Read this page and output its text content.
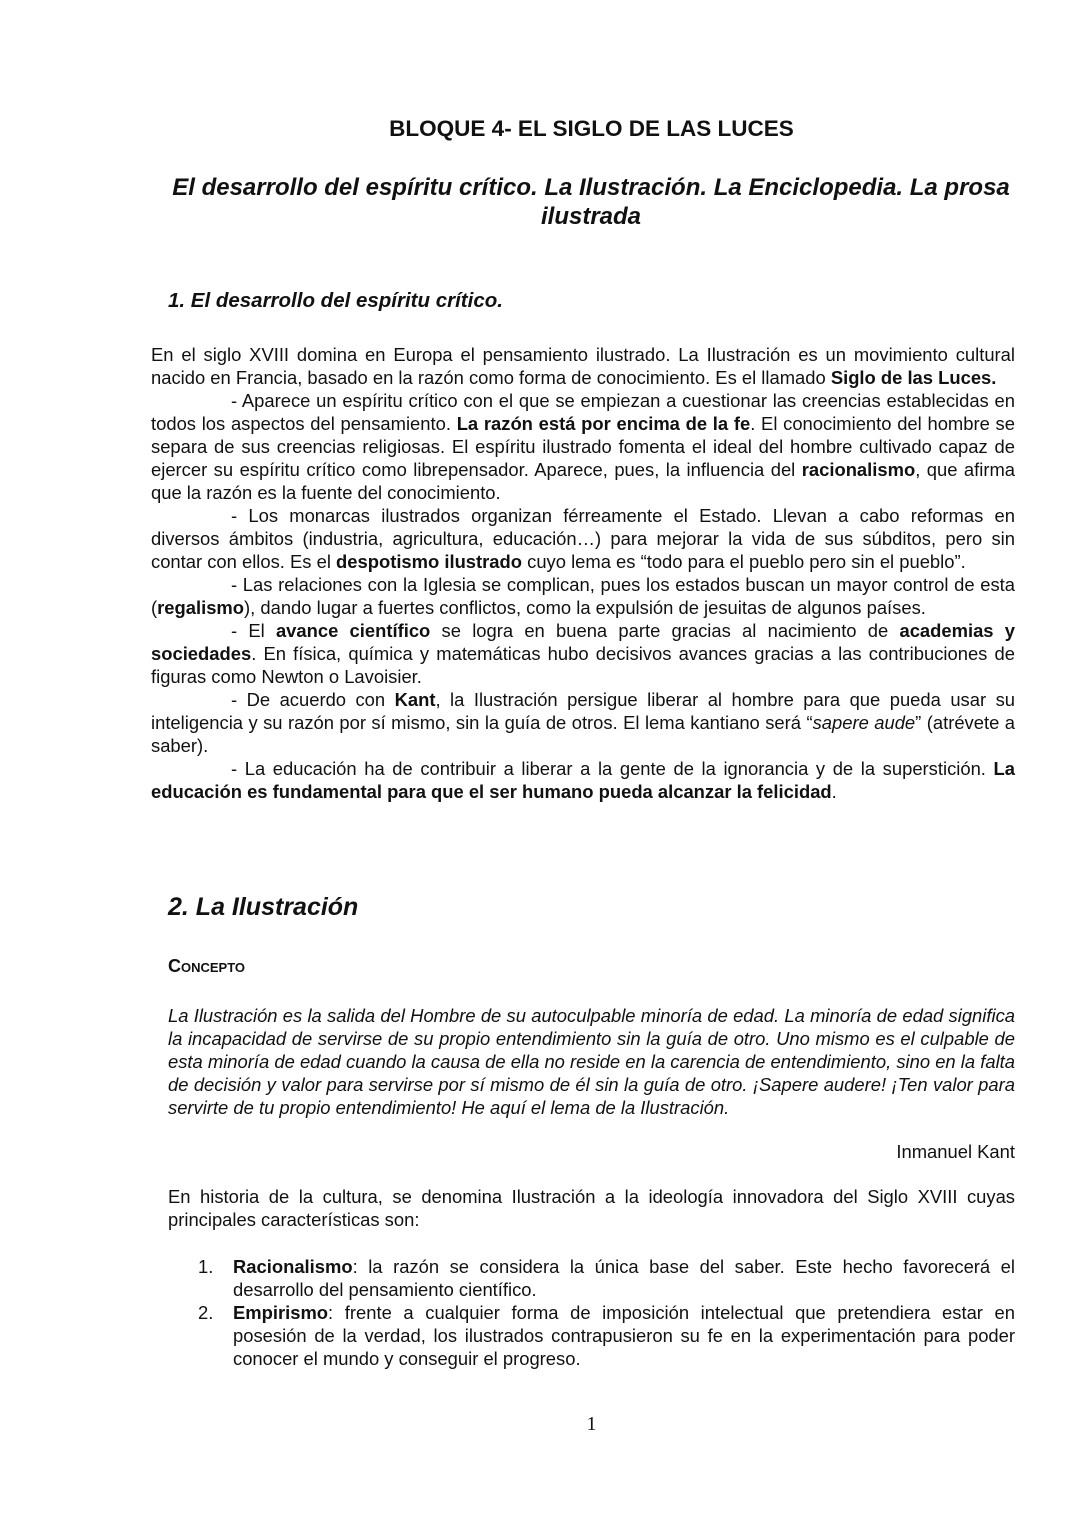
BLOQUE 4- EL SIGLO DE LAS LUCES
El desarrollo del espíritu crítico. La Ilustración. La Enciclopedia. La prosa ilustrada
1. El desarrollo del espíritu crítico.

En el siglo XVIII domina en Europa el pensamiento ilustrado. La Ilustración es un movimiento cultural nacido en Francia, basado en la razón como forma de conocimiento. Es el llamado Siglo de las Luces.

- Aparece un espíritu crítico con el que se empiezan a cuestionar las creencias establecidas en todos los aspectos del pensamiento. La razón está por encima de la fe. El conocimiento del hombre se separa de sus creencias religiosas. El espíritu ilustrado fomenta el ideal del hombre cultivado capaz de ejercer su espíritu crítico como librepensador. Aparece, pues, la influencia del racionalismo, que afirma que la razón es la fuente del conocimiento.

- Los monarcas ilustrados organizan férreamente el Estado. Llevan a cabo reformas en diversos ámbitos (industria, agricultura, educación…) para mejorar la vida de sus súbditos, pero sin contar con ellos. Es el despotismo ilustrado cuyo lema es “todo para el pueblo pero sin el pueblo”.

- Las relaciones con la Iglesia se complican, pues los estados buscan un mayor control de esta (regalismo), dando lugar a fuertes conflictos, como la expulsión de jesuitas de algunos países.

- El avance científico se logra en buena parte gracias al nacimiento de academias y sociedades. En física, química y matemáticas hubo decisivos avances gracias a las contribuciones de figuras como Newton o Lavoisier.

- De acuerdo con Kant, la Ilustración persigue liberar al hombre para que pueda usar su inteligencia y su razón por sí mismo, sin la guía de otros. El lema kantiano será “sapere aude” (atrévete a saber).

- La educación ha de contribuir a liberar a la gente de la ignorancia y de la superstición. La educación es fundamental para que el ser humano pueda alcanzar la felicidad.

2. La Ilustración
Concepto
La Ilustración es la salida del Hombre de su autoculpable minoría de edad. La minoría de edad significa la incapacidad de servirse de su propio entendimiento sin la guía de otro. Uno mismo es el culpable de esta minoría de edad cuando la causa de ella no reside en la carencia de entendimiento, sino en la falta de decisión y valor para servirse por sí mismo de él sin la guía de otro. ¡Sapere audere! ¡Ten valor para servirte de tu propio entendimiento! He aquí el lema de la Ilustración.
Inmanuel Kant
En historia de la cultura, se denomina Ilustración a la ideología innovadora del Siglo XVIII cuyas principales características son:
1.	Racionalismo: la razón se considera la única base del saber. Este hecho favorecerá el desarrollo del pensamiento científico.
2.	Empirismo: frente a cualquier forma de imposición intelectual que pretendiera estar en posesión de la verdad, los ilustrados contrapusieron su fe en la experimentación para poder conocer el mundo y conseguir el progreso.
1
